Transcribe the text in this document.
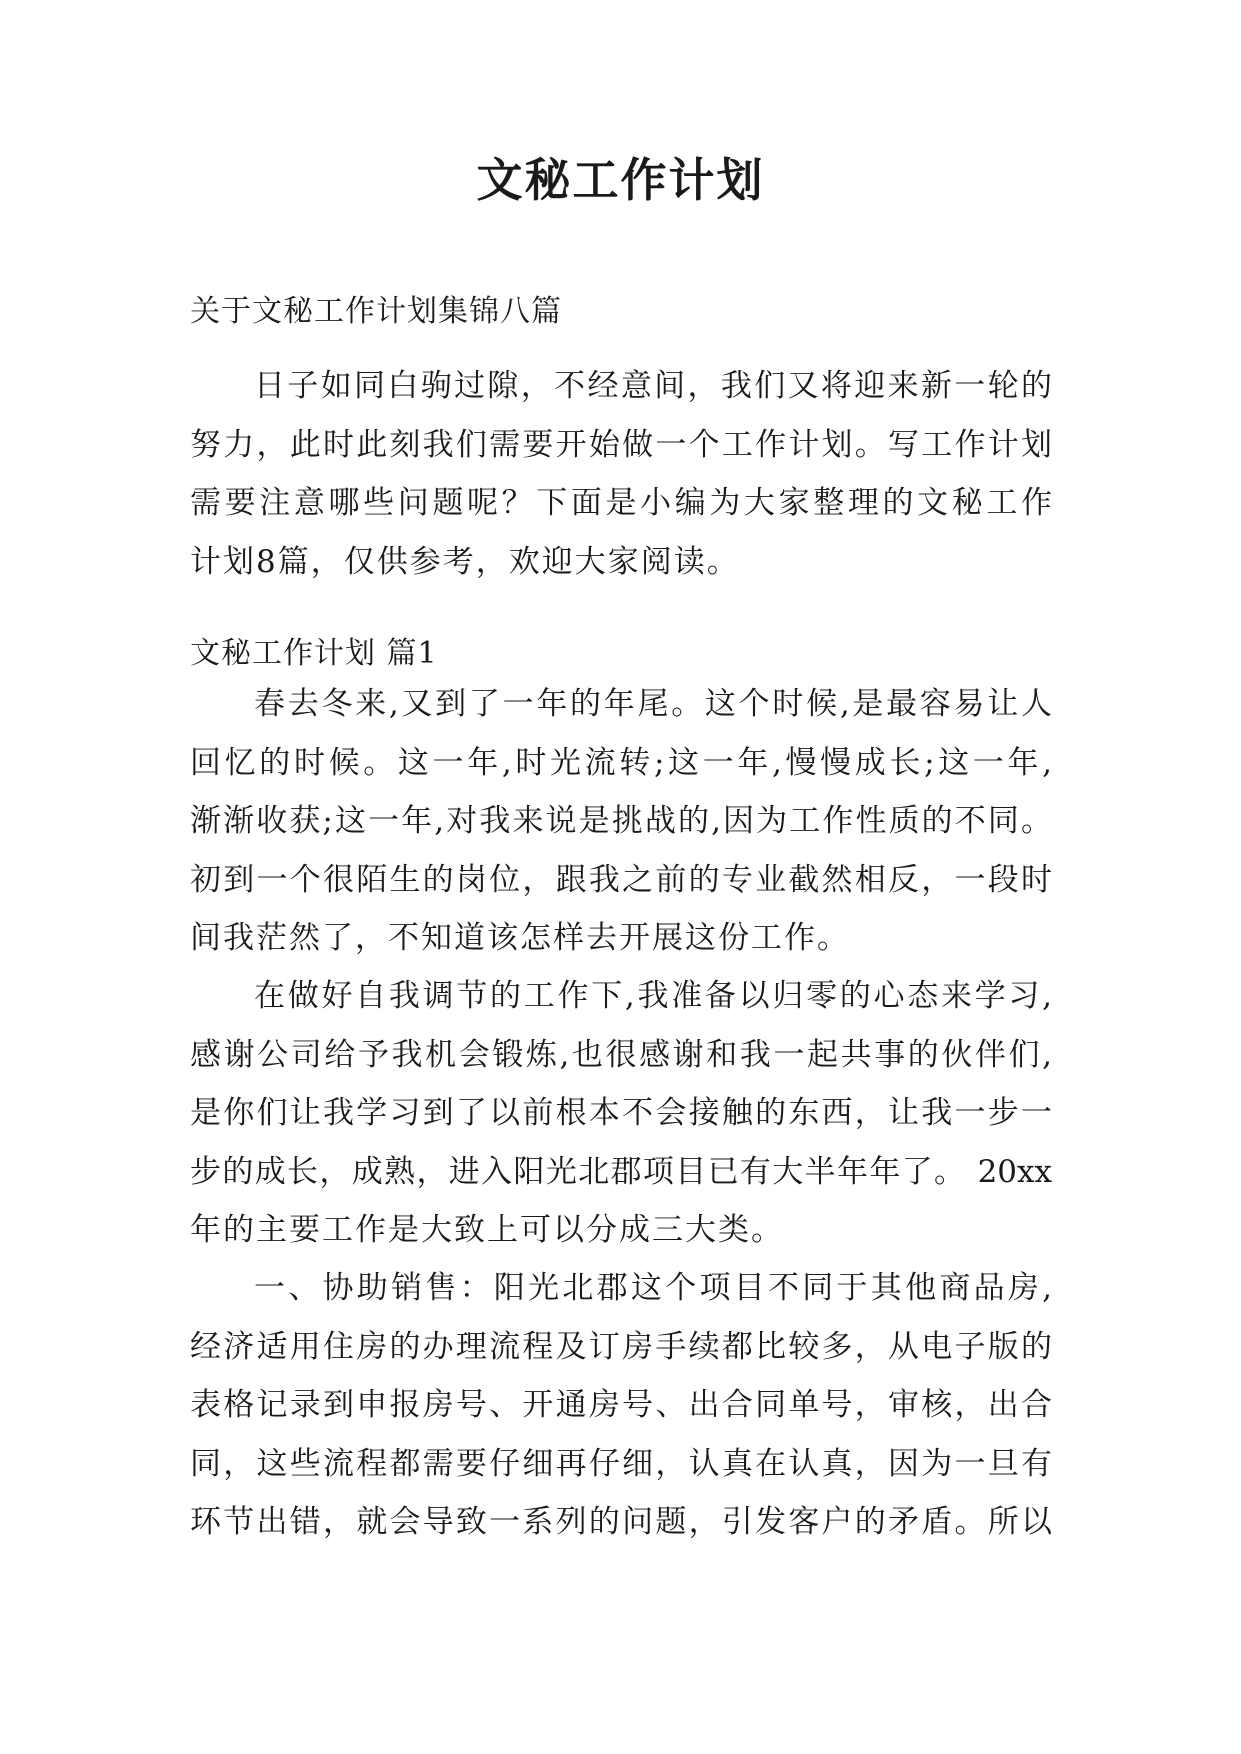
文秘工作计划

关于文秘工作计划集锦八篇

日子如同白驹过隙，不经意间，我们又将迎来新一轮的
努力，此时此刻我们需要开始做一个工作计划。写工作计划
需要注意哪些问题呢？下面是小编为大家整理的文秘工作
计划8篇，仅供参考，欢迎大家阅读。

文秘工作计划 篇1

春去冬来,又到了一年的年尾。这个时候,是最容易让人
回忆的时候。这一年,时光流转;这一年,慢慢成长;这一年,
渐渐收获;这一年,对我来说是挑战的,因为工作性质的不同。
初到一个很陌生的岗位，跟我之前的专业截然相反，一段时
间我茫然了，不知道该怎样去开展这份工作。
在做好自我调节的工作下,我准备以归零的心态来学习,
感谢公司给予我机会锻炼,也很感谢和我一起共事的伙伴们,
是你们让我学习到了以前根本不会接触的东西，让我一步一
步的成长，成熟，进入阳光北郡项目已有大半年年了。 20xx
年的主要工作是大致上可以分成三大类。
一、协助销售：阳光北郡这个项目不同于其他商品房,
经济适用住房的办理流程及订房手续都比较多，从电子版的
表格记录到申报房号、开通房号、出合同单号，审核，出合
同，这些流程都需要仔细再仔细，认真在认真，因为一旦有
环节出错，就会导致一系列的问题，引发客户的矛盾。所以
